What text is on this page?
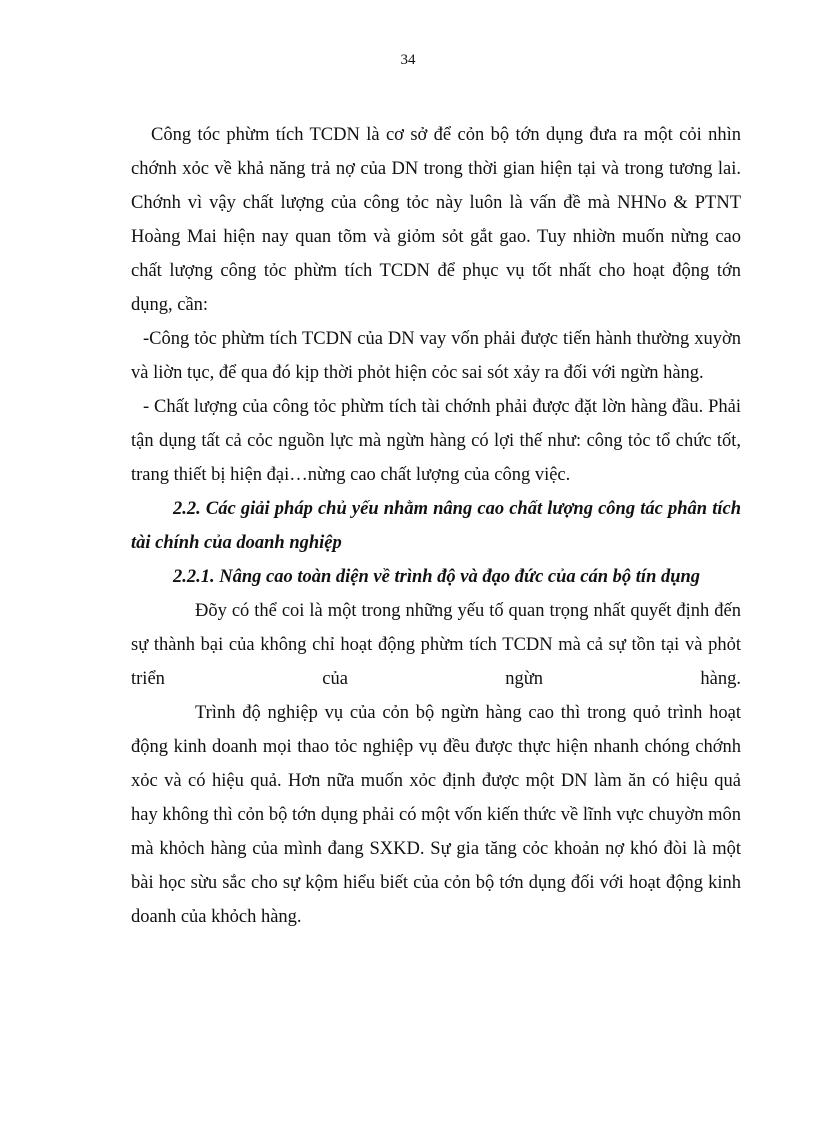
34

Công tóc phừm tích TCDN là cơ sở để cỏn bộ tớn dụng đưa ra một cỏi nhìn chớnh xỏc về khả năng trả nợ của DN trong thời gian hiện tại và trong tương lai. Chớnh vì vậy chất lượng của công tỏc này luôn là vấn đề mà NHNo & PTNT Hoàng Mai hiện nay quan tõm và giỏm sỏt gắt gao. Tuy nhiờn muốn nừng cao chất lượng công tỏc phừm tích TCDN để phục vụ tốt nhất cho hoạt động tớn dụng, cần:

-Công tỏc phừm tích TCDN của DN vay vốn phải được tiến hành thường xuyờn và liờn tục, để qua đó kịp thời phỏt hiện cỏc sai sót xảy ra đối với ngừn hàng.

- Chất lượng của công tỏc phừm tích tài chớnh phải được đặt lờn hàng đầu. Phải tận dụng tất cả cỏc nguồn lực mà ngừn hàng có lợi thế như: công tỏc tổ chức tốt, trang thiết bị hiện đại…nừng cao chất lượng của công việc.

2.2. Các giải pháp chủ yếu nhằm nâng cao chất lượng công tác phân tích tài chính của doanh nghiệp

2.2.1. Nâng cao toàn diện về trình độ và đạo đức của cán bộ tín dụng

Đõy có thể coi là một trong những yếu tố quan trọng nhất quyết định đến sự thành bại của không chỉ hoạt động phừm tích TCDN mà cả sự tồn tại và phỏt triển của ngừn hàng.

Trình độ nghiệp vụ của cỏn bộ ngừn hàng cao thì trong quỏ trình hoạt động kinh doanh mọi thao tỏc nghiệp vụ đều được thực hiện nhanh chóng chớnh xỏc và có hiệu quả. Hơn nữa muốn xỏc định được một DN làm ăn có hiệu quả hay không thì cỏn bộ tớn dụng phải có một vốn kiến thức về lĩnh vực chuyờn môn mà khỏch hàng của mình đang SXKD. Sự gia tăng cỏc khoản nợ khó đòi là một bài học sừu sắc cho sự kộm hiểu biết của cỏn bộ tớn dụng đối với hoạt động kinh doanh của khỏch hàng.
